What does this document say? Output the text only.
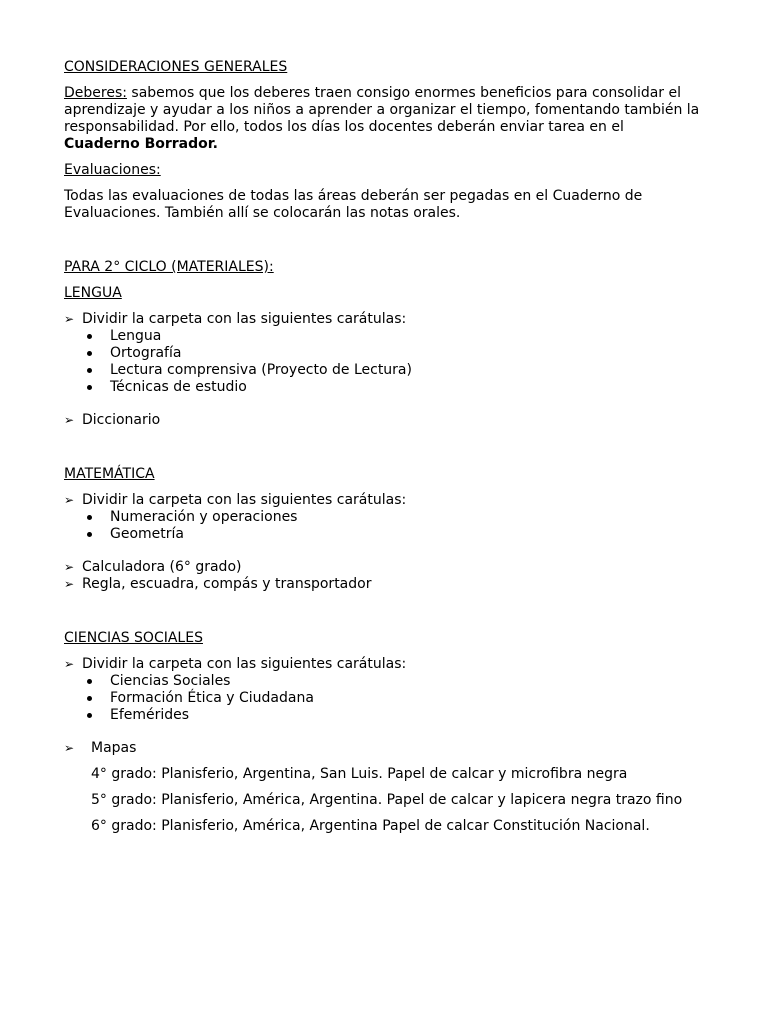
CONSIDERACIONES GENERALES

Deberes: sabemos que los deberes traen consigo enormes beneficios para consolidar el aprendizaje y ayudar a los niños a aprender a organizar el tiempo, fomentando también la responsabilidad. Por ello, todos los días los docentes deberán enviar tarea en el Cuaderno Borrador.

Evaluaciones:

Todas las evaluaciones de todas las áreas deberán ser pegadas en el Cuaderno de Evaluaciones. También allí se colocarán las notas orales.

PARA 2° CICLO (MATERIALES):

LENGUA

➢ Dividir la carpeta con las siguientes carátulas:
Lengua
Ortografía
Lectura comprensiva (Proyecto de Lectura)
Técnicas de estudio
➢ Diccionario

MATEMÁTICA

➢ Dividir la carpeta con las siguientes carátulas:
Numeración y operaciones
Geometría
➢ Calculadora (6° grado)
➢ Regla, escuadra, compás y transportador

CIENCIAS SOCIALES

➢ Dividir la carpeta con las siguientes carátulas:
Ciencias Sociales
Formación Ética y Ciudadana
Efemérides
➢ Mapas

4° grado: Planisferio, Argentina, San Luis. Papel de calcar y microfibra negra

5° grado: Planisferio, América, Argentina. Papel de calcar y lapicera negra trazo fino

6° grado: Planisferio, América, Argentina Papel de calcar Constitución Nacional.
